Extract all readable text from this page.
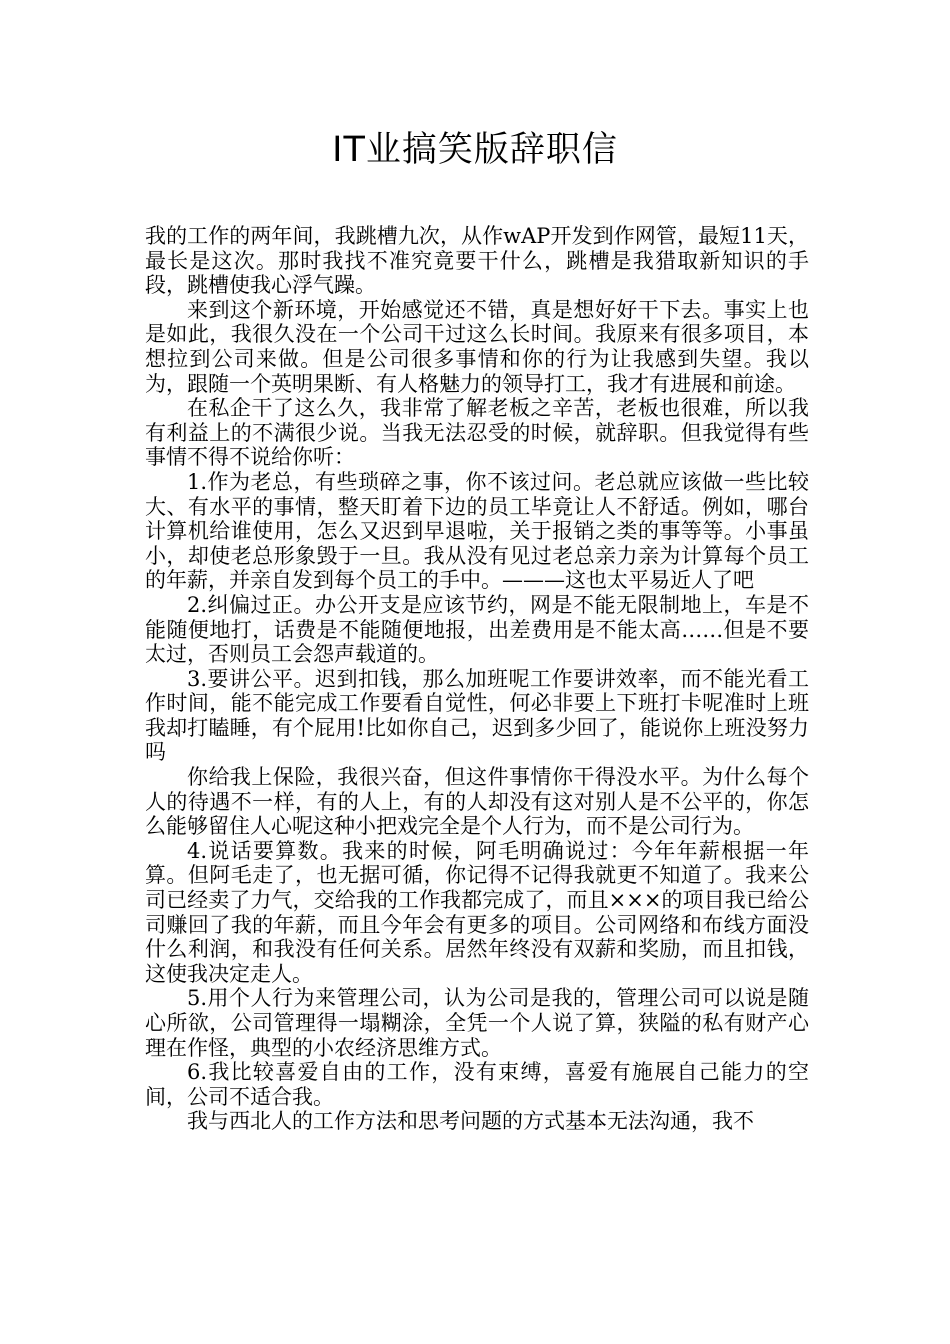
IT业搞笑版辞职信

我的工作的两年间，我跳槽九次，从作wAP开发到作网管，最短11天，最长是这次。那时我找不准究竟要干什么，跳槽是我猎取新知识的手段，跳槽使我心浮气躁。

来到这个新环境，开始感觉还不错，真是想好好干下去。事实上也是如此，我很久没在一个公司干过这么长时间。我原来有很多项目，本想拉到公司来做。但是公司很多事情和你的行为让我感到失望。我以为，跟随一个英明果断、有人格魅力的领导打工，我才有进展和前途。

在私企干了这么久，我非常了解老板之辛苦，老板也很难，所以我有利益上的不满很少说。当我无法忍受的时候，就辞职。但我觉得有些事情不得不说给你听：

1.作为老总，有些琐碎之事，你不该过问。老总就应该做一些比较大、有水平的事情，整天盯着下边的员工毕竟让人不舒适。例如，哪台计算机给谁使用，怎么又迟到早退啦，关于报销之类的事等等。小事虽小，却使老总形象毁于一旦。我从没有见过老总亲力亲为计算每个员工的年薪，并亲自发到每个员工的手中。———这也太平易近人了吧

2.纠偏过正。办公开支是应该节约，网是不能无限制地上，车是不能随便地打，话费是不能随便地报，出差费用是不能太高……但是不要太过，否则员工会怨声载道的。

3.要讲公平。迟到扣钱，那么加班呢工作要讲效率，而不能光看工作时间，能不能完成工作要看自觉性，何必非要上下班打卡呢准时上班我却打瞌睡，有个屁用!比如你自己，迟到多少回了，能说你上班没努力吗

你给我上保险，我很兴奋，但这件事情你干得没水平。为什么每个人的待遇不一样，有的人上，有的人却没有这对别人是不公平的，你怎么能够留住人心呢这种小把戏完全是个人行为，而不是公司行为。

4.说话要算数。我来的时候，阿毛明确说过：今年年薪根据一年算。但阿毛走了，也无据可循，你记得不记得我就更不知道了。我来公司已经卖了力气，交给我的工作我都完成了，而且×××的项目我已给公司赚回了我的年薪，而且今年会有更多的项目。公司网络和布线方面没什么利润，和我没有任何关系。居然年终没有双薪和奖励，而且扣钱，这使我决定走人。

5.用个人行为来管理公司，认为公司是我的，管理公司可以说是随心所欲，公司管理得一塌糊涂，全凭一个人说了算，狭隘的私有财产心理在作怪，典型的小农经济思维方式。

6.我比较喜爱自由的工作，没有束缚，喜爱有施展自己能力的空间，公司不适合我。

我与西北人的工作方法和思考问题的方式基本无法沟通，我不
